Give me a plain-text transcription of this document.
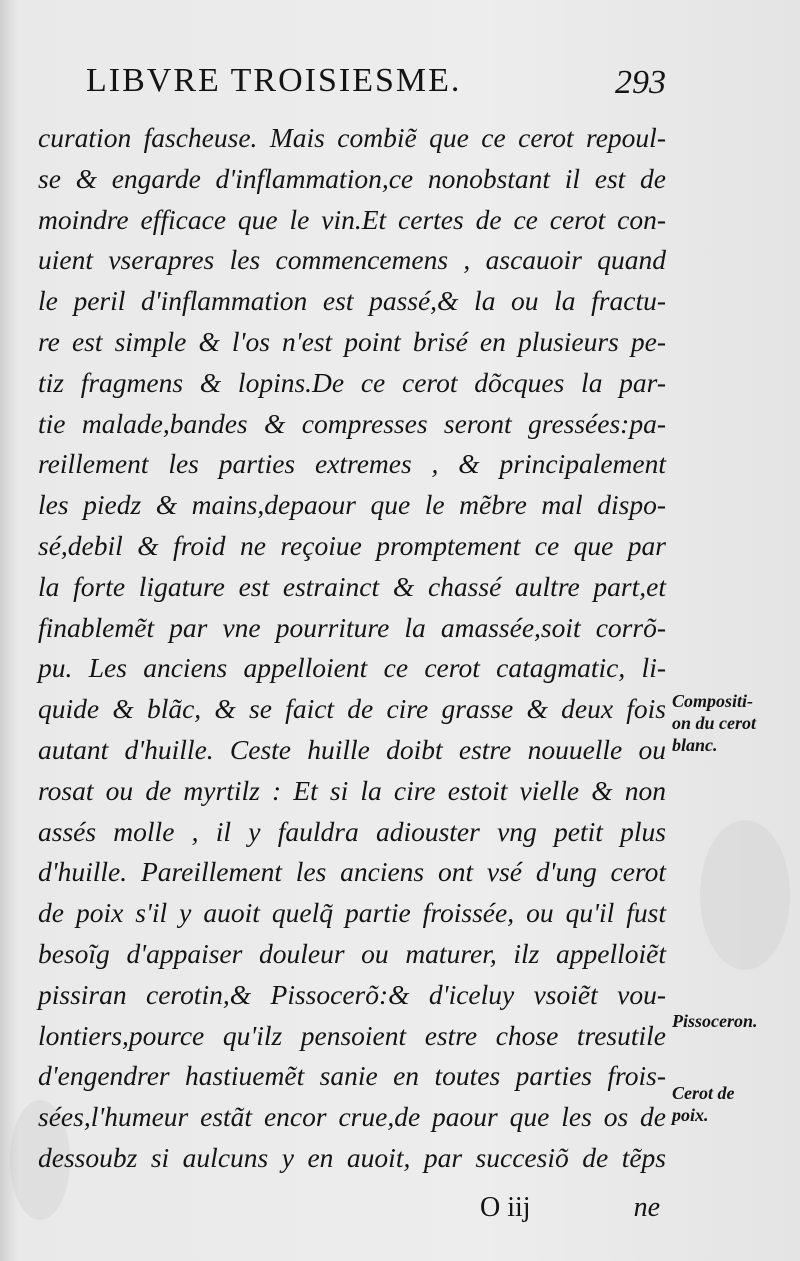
LIBVRE TROISIESME.	293
curation fascheuse. Mais combiẽ que ce cerot repoul-
se & engarde d'inflammation,ce nonobstant il est de
moindre efficace que le vin.Et certes de ce cerot con-
uient vserapres les commencemens , ascauoir quand
le peril d'inflammation est passé,& la ou la fractu-
re est simple & l'os n'est point brisé en plusieurs pe-
tiz fragmens & lopins.De ce cerot dõcques la par-
tie malade,bandes & compresses seront gressées:pa-
reillement les parties extremes , & principalement
les piedz & mains,depaour que le mẽbre mal dispo-
sé,debil & froid ne reçoiue promptement ce que par
la forte ligature est estrainct & chassé aultre part,et
finablemẽt par vne pourriture la amassée,soit corrõ-
pu. Les anciens appelloient ce cerot catagmatic, li-
quide & blãc, & se faict de cire grasse & deux fois
autant d'huille. Ceste huille doibt estre nouuelle ou
rosat ou de myrtilz : Et si la cire estoit vielle & non
assés molle , il y fauldra adiouster vng petit plus
d'huille. Pareillement les anciens ont vsé d'ung cerot
de poix s'il y auoit quelq̃ partie froissée, ou qu'il fust
besoĩg d'appaiser douleur ou maturer, ilz appelloiẽt
pissiran cerotin,& Pissocerõ:& d'iceluy vsoiẽt vou-
lontiers,pource qu'ilz pensoient estre chose tresutile
d'engendrer hastiuemẽt sanie en toutes parties frois-
sées,l'humeur estãt encor crue,de paour que les os de
dessoubz si aulcuns y en auoit, par succesiõ de tẽps
Compositi-
on du cerot
blanc.
Pissoceron.
Cerot de
poix.
O iij	ne
